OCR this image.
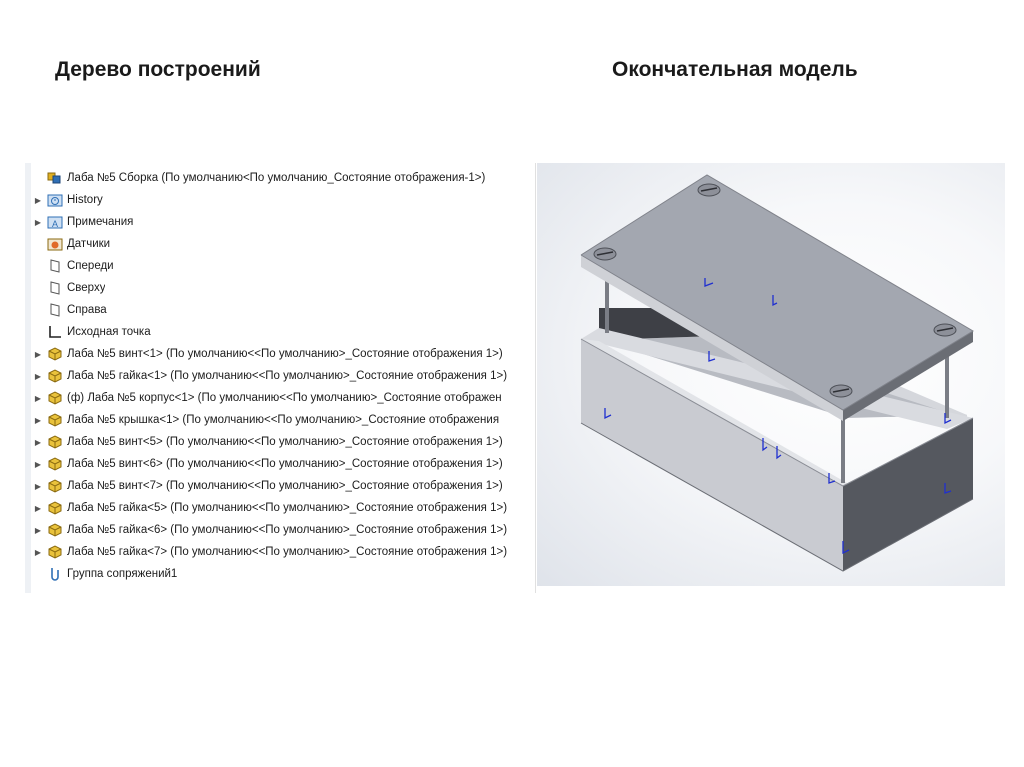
Дерево построений	Окончательная модель
Лаба №5 Сборка (По умолчанию<По умолчанию_Состояние отображения-1>)
▶ History
▶ A Примечания
Датчики
Спереди
Сверху
Справа
Исходная точка
▶ Лаба №5 винт<1> (По умолчанию<<По умолчанию>_Состояние отображения 1>)
▶ Лаба №5 гайка<1> (По умолчанию<<По умолчанию>_Состояние отображения 1>)
▶ (ф) Лаба №5 корпус<1> (По умолчанию<<По умолчанию>_Состояние отображен
▶ Лаба №5 крышка<1> (По умолчанию<<По умолчанию>_Состояние отображения
▶ Лаба №5 винт<5> (По умолчанию<<По умолчанию>_Состояние отображения 1>)
▶ Лаба №5 винт<6> (По умолчанию<<По умолчанию>_Состояние отображения 1>)
▶ Лаба №5 винт<7> (По умолчанию<<По умолчанию>_Состояние отображения 1>)
▶ Лаба №5 гайка<5> (По умолчанию<<По умолчанию>_Состояние отображения 1>)
▶ Лаба №5 гайка<6> (По умолчанию<<По умолчанию>_Состояние отображения 1>)
▶ Лаба №5 гайка<7> (По умолчанию<<По умолчанию>_Состояние отображения 1>)
Группа сопряжений1
